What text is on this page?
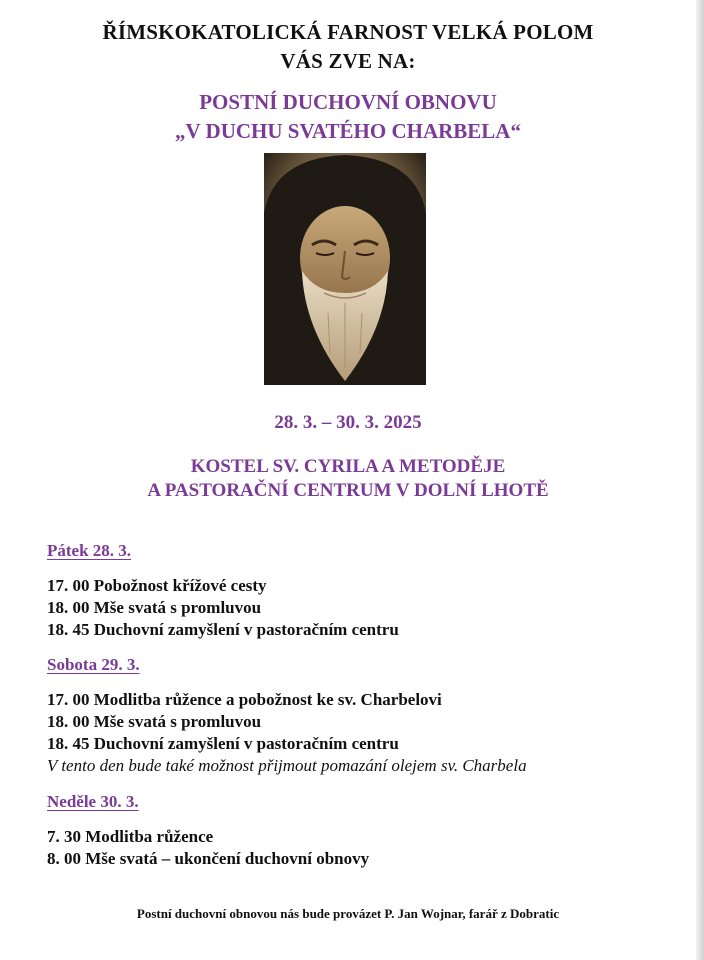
ŘÍMSKOKATOLICKÁ FARNOST VELKÁ POLOM
VÁS ZVE NA:
POSTNÍ DUCHOVNÍ OBNOVU
„V DUCHU SVATÉHO CHARBELA“
28. 3. – 30. 3. 2025
KOSTEL SV. CYRILA A METODĚJE
A PASTORAČNÍ CENTRUM V DOLNÍ LHOTĚ
Pátek 28. 3.
17. 00 Pobožnost křížové cesty
18. 00 Mše svatá s promluvou
18. 45 Duchovní zamyšlení v pastoračním centru
Sobota 29. 3.
17. 00 Modlitba růžence a pobožnost ke sv. Charbelovi
18. 00 Mše svatá s promluvou
18. 45 Duchovní zamyšlení v pastoračním centru
V tento den bude také možnost přijmout pomazání olejem sv. Charbela
Neděle 30. 3.
7. 30 Modlitba růžence
8. 00 Mše svatá – ukončení duchovní obnovy
Postní duchovní obnovou nás bude provázet P. Jan Wojnar, farář z Dobratic
